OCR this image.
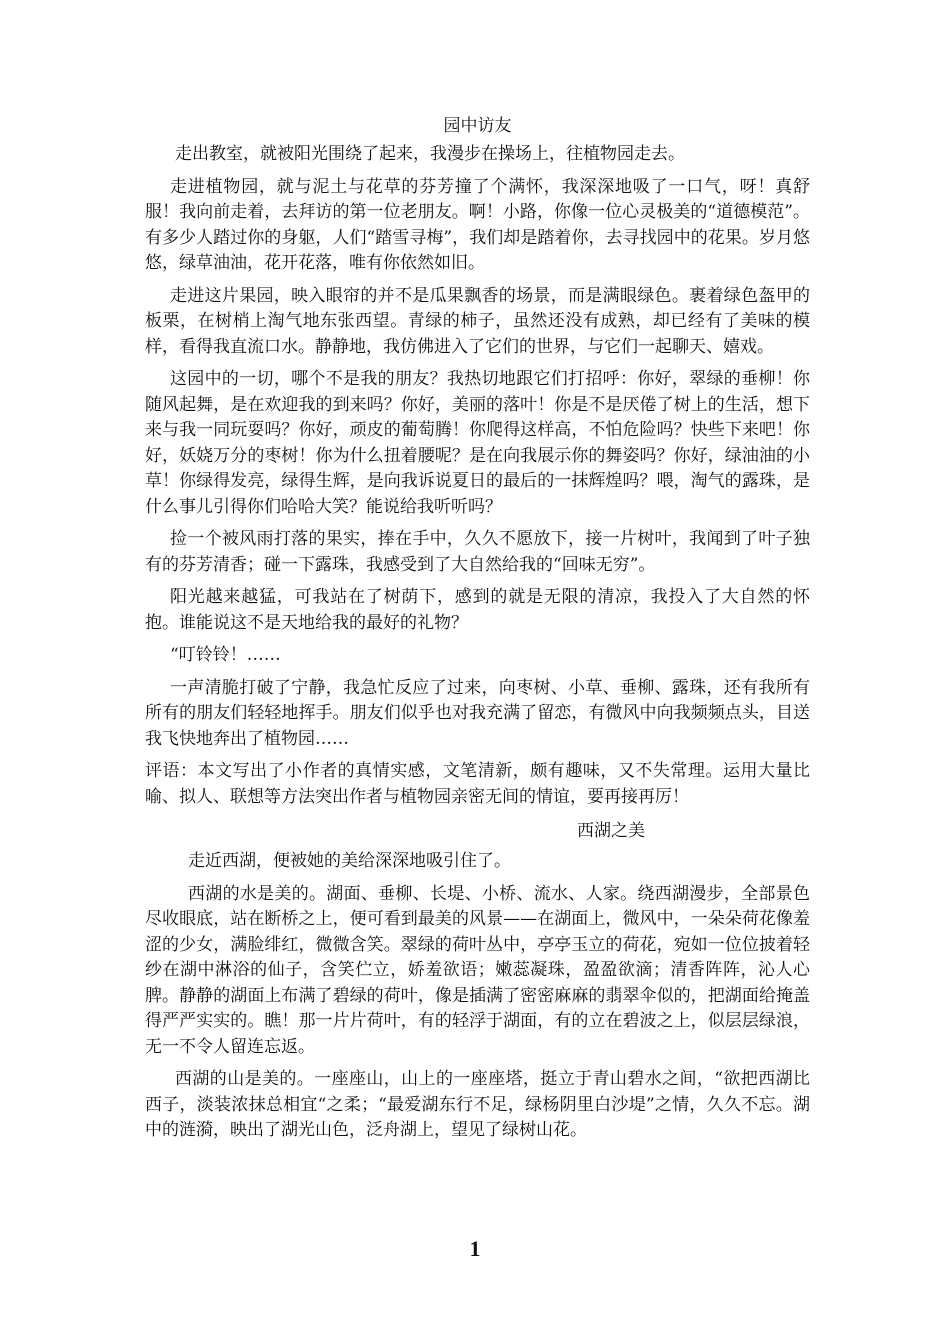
园中访友

走出教室，就被阳光围绕了起来，我漫步在操场上，往植物园走去。

走进植物园，就与泥土与花草的芬芳撞了个满怀，我深深地吸了一口气，呀！真舒服！我向前走着，去拜访的第一位老朋友。啊！小路，你像一位心灵极美的“道德模范”。有多少人踏过你的身躯，人们“踏雪寻梅”，我们却是踏着你，去寻找园中的花果。岁月悠悠，绿草油油，花开花落，唯有你依然如旧。

走进这片果园，映入眼帘的并不是瓜果飘香的场景，而是满眼绿色。裹着绿色盔甲的板栗，在树梢上淘气地东张西望。青绿的柿子，虽然还没有成熟，却已经有了美味的模样，看得我直流口水。静静地，我仿佛进入了它们的世界，与它们一起聊天、嬉戏。

这园中的一切，哪个不是我的朋友？我热切地跟它们打招呼：你好，翠绿的垂柳！你随风起舞，是在欢迎我的到来吗？你好，美丽的落叶！你是不是厌倦了树上的生活，想下来与我一同玩耍吗？你好，顽皮的葡萄腾！你爬得这样高，不怕危险吗？快些下来吧！你好，妖娆万分的枣树！你为什么扭着腰呢？是在向我展示你的舞姿吗？你好，绿油油的小草！你绿得发亮，绿得生辉，是向我诉说夏日的最后的一抹辉煌吗？喂，淘气的露珠，是什么事儿引得你们哈哈大笑？能说给我听听吗？

捡一个被风雨打落的果实，捧在手中，久久不愿放下，接一片树叶，我闻到了叶子独有的芬芳清香；碰一下露珠，我感受到了大自然给我的“回味无穷”。

阳光越来越猛，可我站在了树荫下，感到的就是无限的清凉，我投入了大自然的怀抱。谁能说这不是天地给我的最好的礼物？

“叮铃铃！……

一声清脆打破了宁静，我急忙反应了过来，向枣树、小草、垂柳、露珠，还有我所有所有的朋友们轻轻地挥手。朋友们似乎也对我充满了留恋，有微风中向我频频点头，目送我飞快地奔出了植物园……

评语：本文写出了小作者的真情实感，文笔清新，颇有趣味，又不失常理。运用大量比喻、拟人、联想等方法突出作者与植物园亲密无间的情谊，要再接再厉！

西湖之美

走近西湖，便被她的美给深深地吸引住了。

西湖的水是美的。湖面、垂柳、长堤、小桥、流水、人家。绕西湖漫步，全部景色尽收眼底，站在断桥之上，便可看到最美的风景——在湖面上，微风中，一朵朵荷花像羞涩的少女，满脸绯红，微微含笑。翠绿的荷叶丛中，亭亭玉立的荷花，宛如一位位披着轻纱在湖中淋浴的仙子，含笑伫立，娇羞欲语；嫩蕊凝珠，盈盈欲滴；清香阵阵，沁人心脾。静静的湖面上布满了碧绿的荷叶，像是插满了密密麻麻的翡翠伞似的，把湖面给掩盖得严严实实的。瞧！那一片片荷叶，有的轻浮于湖面，有的立在碧波之上，似层层绿浪，无一不令人留连忘返。

西湖的山是美的。一座座山，山上的一座座塔，挺立于青山碧水之间，“欲把西湖比西子，淡装浓抹总相宜“之柔；“最爱湖东行不足，绿杨阴里白沙堤”之情，久久不忘。湖中的涟漪，映出了湖光山色，泛舟湖上，望见了绿树山花。

1
